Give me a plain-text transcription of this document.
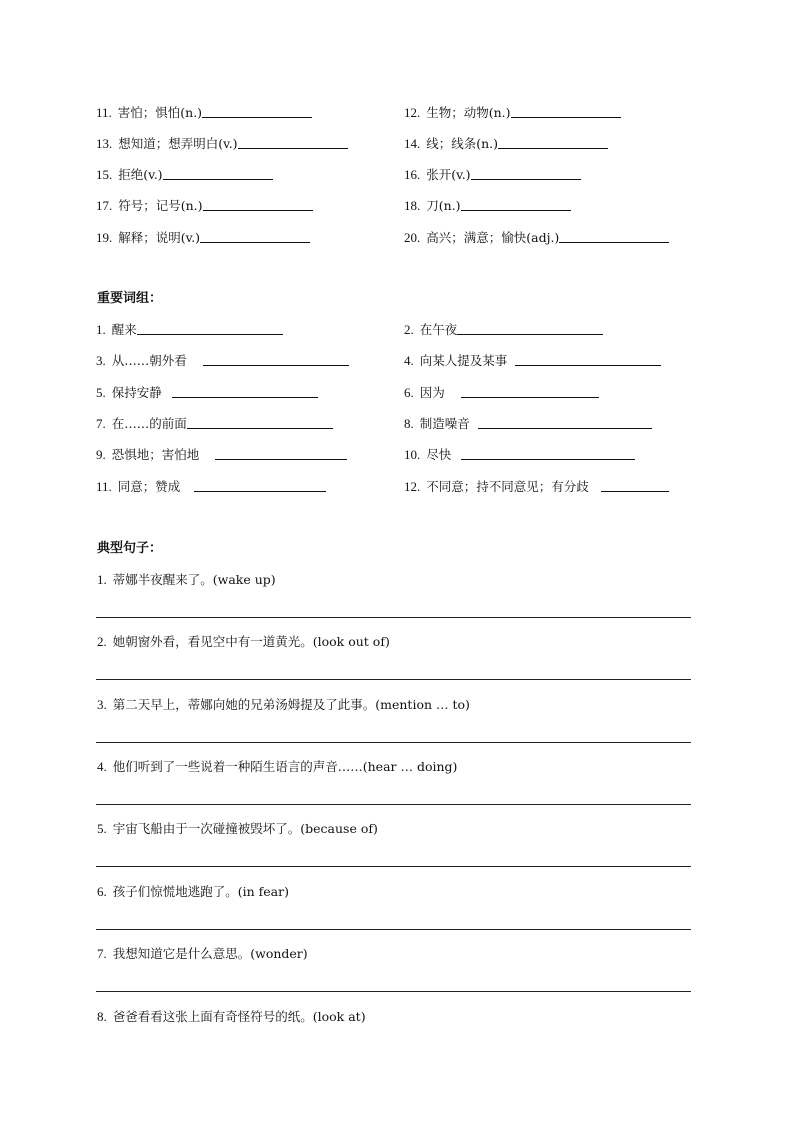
11. 害怕；惧怕(n.)	12. 生物；动物(n.)
13. 想知道；想弄明白(v.)	14. 线；线条(n.)
15. 拒绝(v.)	16. 张开(v.)
17. 符号；记号(n.)	18. 刀(n.)
19. 解释；说明(v.)	20. 高兴；满意；愉快(adj.)
重要词组：
1. 醒来	2. 在午夜
3. 从……朝外看	4. 向某人提及某事
5. 保持安静	6. 因为
7. 在……的前面	8. 制造噪音
9. 恐惧地；害怕地	10. 尽快
11. 同意；赞成	12. 不同意；持不同意见；有分歧
典型句子：
1. 蒂娜半夜醒来了。(wake up)
2. 她朝窗外看，看见空中有一道黄光。(look out of)
3. 第二天早上，蒂娜向她的兄弟汤姆提及了此事。(mention … to)
4. 他们听到了一些说着一种陌生语言的声音……(hear … doing)
5. 宇宙飞船由于一次碰撞被毁坏了。(because of)
6. 孩子们惊慌地逃跑了。(in fear)
7. 我想知道它是什么意思。(wonder)
8. 爸爸看看这张上面有奇怪符号的纸。(look at)
